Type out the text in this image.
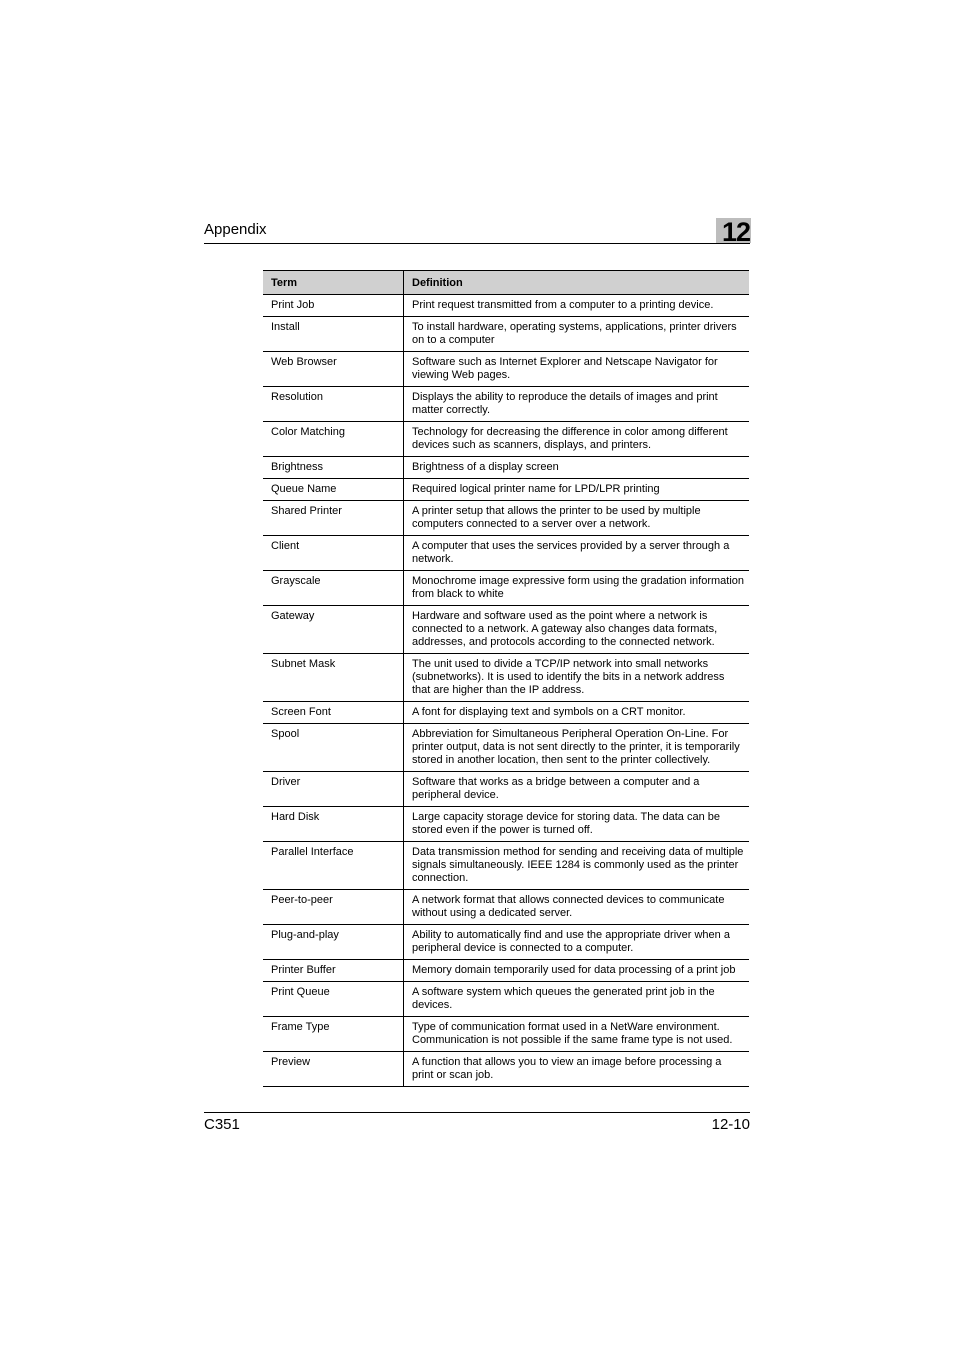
Appendix	12
Term	Definition
Print Job	Print request transmitted from a computer to a printing device.
Install	To install hardware, operating systems, applications, printer drivers on to a computer
Web Browser	Software such as Internet Explorer and Netscape Navigator for viewing Web pages.
Resolution	Displays the ability to reproduce the details of images and print matter correctly.
Color Matching	Technology for decreasing the difference in color among different devices such as scanners, displays, and printers.
Brightness	Brightness of a display screen
Queue Name	Required logical printer name for LPD/LPR printing
Shared Printer	A printer setup that allows the printer to be used by multiple computers connected to a server over a network.
Client	A computer that uses the services provided by a server through a network.
Grayscale	Monochrome image expressive form using the gradation information from black to white
Gateway	Hardware and software used as the point where a network is connected to a network. A gateway also changes data formats, addresses, and protocols according to the connected network.
Subnet Mask	The unit used to divide a TCP/IP network into small networks (subnetworks). It is used to identify the bits in a network address that are higher than the IP address.
Screen Font	A font for displaying text and symbols on a CRT monitor.
Spool	Abbreviation for Simultaneous Peripheral Operation On-Line. For printer output, data is not sent directly to the printer, it is temporarily stored in another location, then sent to the printer collectively.
Driver	Software that works as a bridge between a computer and a peripheral device.
Hard Disk	Large capacity storage device for storing data. The data can be stored even if the power is turned off.
Parallel Interface	Data transmission method for sending and receiving data of multiple signals simultaneously. IEEE 1284 is commonly used as the printer connection.
Peer-to-peer	A network format that allows connected devices to communicate without using a dedicated server.
Plug-and-play	Ability to automatically find and use the appropriate driver when a peripheral device is connected to a computer.
Printer Buffer	Memory domain temporarily used for data processing of a print job
Print Queue	A software system which queues the generated print job in the devices.
Frame Type	Type of communication format used in a NetWare environment. Communication is not possible if the same frame type is not used.
Preview	A function that allows you to view an image before processing a print or scan job.
C351	12-10
